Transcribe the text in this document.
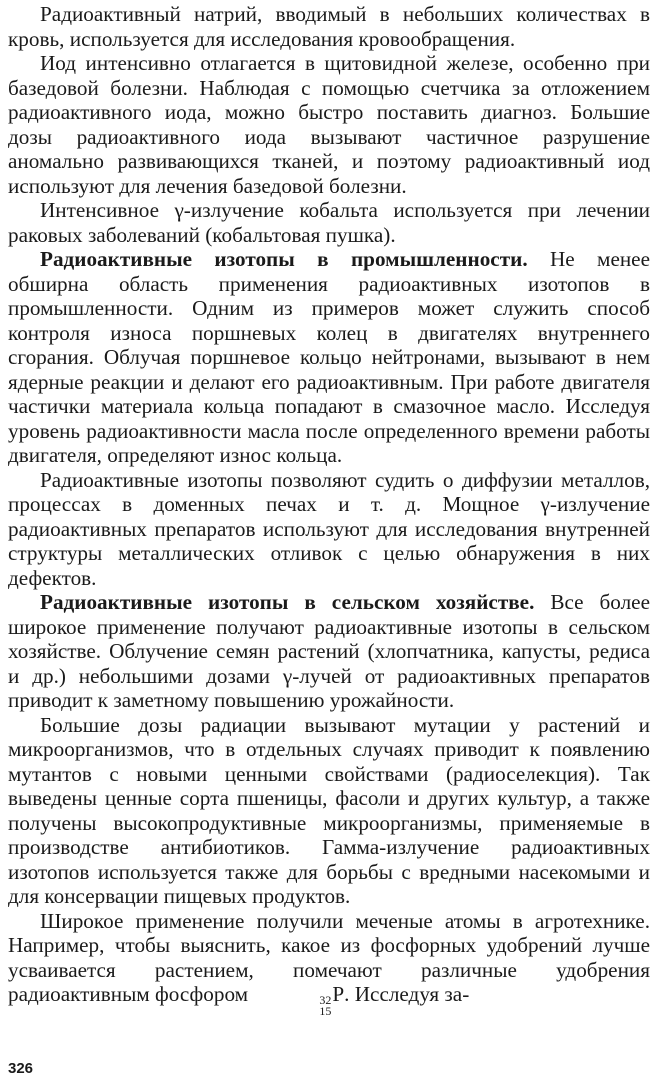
Радиоактивный натрий, вводимый в небольших количествах в кровь, используется для исследования кровообращения.

Иод интенсивно отлагается в щитовидной железе, особенно при базедовой болезни. Наблюдая с помощью счетчика за отложением радиоактивного иода, можно быстро поставить диагноз. Большие дозы радиоактивного иода вызывают частичное разрушение аномально развивающихся тканей, и поэтому радиоактивный иод используют для лечения базедовой болезни.

Интенсивное γ-излучение кобальта используется при лечении раковых заболеваний (кобальтовая пушка).

Радиоактивные изотопы в промышленности. Не менее обширна область применения радиоактивных изотопов в промышленности. Одним из примеров может служить способ контроля износа поршневых колец в двигателях внутреннего сгорания. Облучая поршневое кольцо нейтронами, вызывают в нем ядерные реакции и делают его радиоактивным. При работе двигателя частички материала кольца попадают в смазочное масло. Исследуя уровень радиоактивности масла после определенного времени работы двигателя, определяют износ кольца.

Радиоактивные изотопы позволяют судить о диффузии металлов, процессах в доменных печах и т. д. Мощное γ-излучение радиоактивных препаратов используют для исследования внутренней структуры металлических отливок с целью обнаружения в них дефектов.

Радиоактивные изотопы в сельском хозяйстве. Все более широкое применение получают радиоактивные изотопы в сельском хозяйстве. Облучение семян растений (хлопчатника, капусты, редиса и др.) небольшими дозами γ-лучей от радиоактивных препаратов приводит к заметному повышению урожайности.

Большие дозы радиации вызывают мутации у растений и микроорганизмов, что в отдельных случаях приводит к появлению мутантов с новыми ценными свойствами (радиоселекция). Так выведены ценные сорта пшеницы, фасоли и других культур, а также получены высокопродуктивные микроорганизмы, применяемые в производстве антибиотиков. Гамма-излучение радиоактивных изотопов используется также для борьбы с вредными насекомыми и для консервации пищевых продуктов.

Широкое применение получили меченые атомы в агротехнике. Например, чтобы выяснить, какое из фосфорных удобрений лучше усваивается растением, помечают различные удобрения радиоактивным фосфором	32
15
P. Исследуя за-

326
